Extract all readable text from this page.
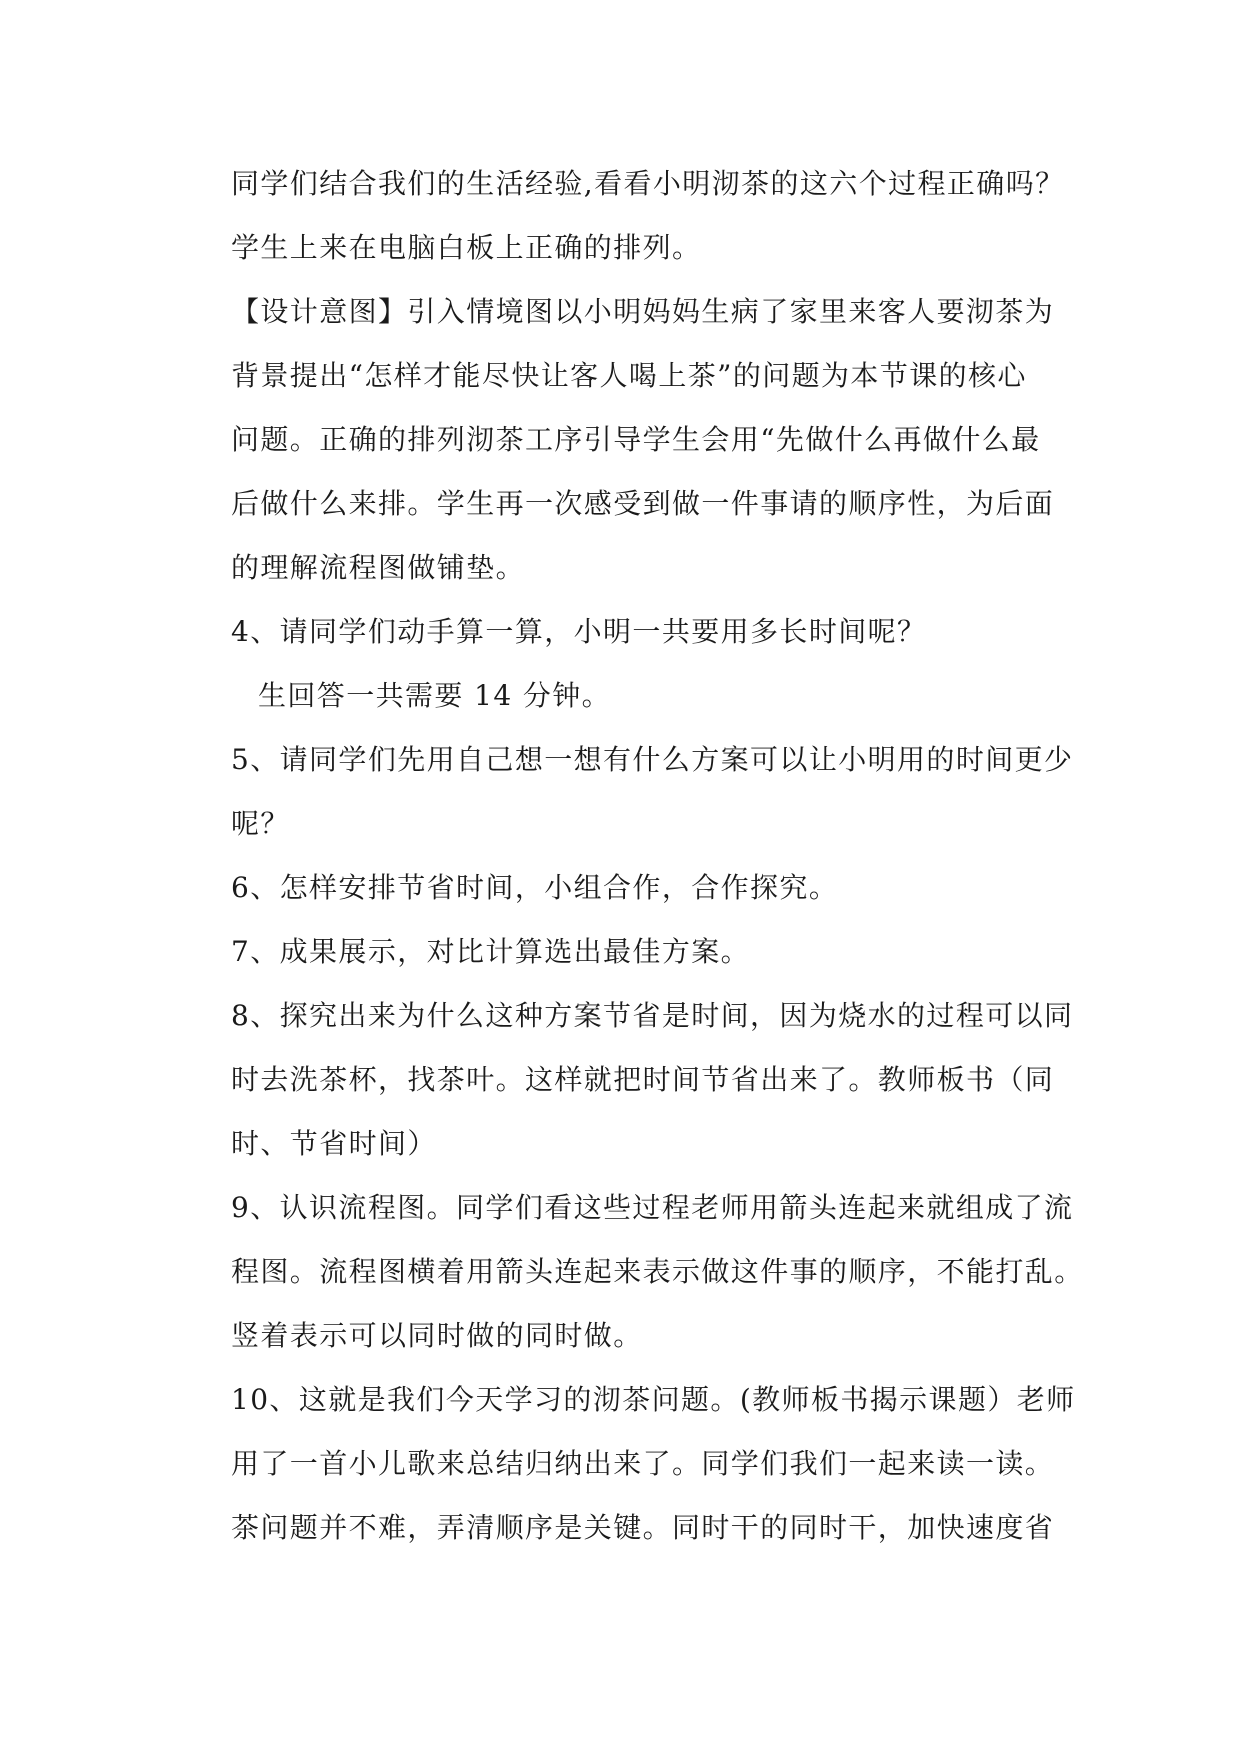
同学们结合我们的生活经验,看看小明沏茶的这六个过程正确吗？
学生上来在电脑白板上正确的排列。
【设计意图】引入情境图以小明妈妈生病了家里来客人要沏茶为
背景提出“怎样才能尽快让客人喝上茶”的问题为本节课的核心
问题。正确的排列沏茶工序引导学生会用“先做什么再做什么最
后做什么来排。学生再一次感受到做一件事请的顺序性，为后面
的理解流程图做铺垫。
4、请同学们动手算一算，小明一共要用多长时间呢？
生回答一共需要 14 分钟。
5、请同学们先用自己想一想有什么方案可以让小明用的时间更少
呢？
6、怎样安排节省时间，小组合作，合作探究。
7、成果展示，对比计算选出最佳方案。
8、探究出来为什么这种方案节省是时间，因为烧水的过程可以同
时去洗茶杯，找茶叶。这样就把时间节省出来了。教师板书（同
时、节省时间）
9、认识流程图。同学们看这些过程老师用箭头连起来就组成了流
程图。流程图横着用箭头连起来表示做这件事的顺序，不能打乱。
竖着表示可以同时做的同时做。
10、这就是我们今天学习的沏茶问题。(教师板书揭示课题）老师
用了一首小儿歌来总结归纳出来了。同学们我们一起来读一读。
茶问题并不难，弄清顺序是关键。同时干的同时干，加快速度省
